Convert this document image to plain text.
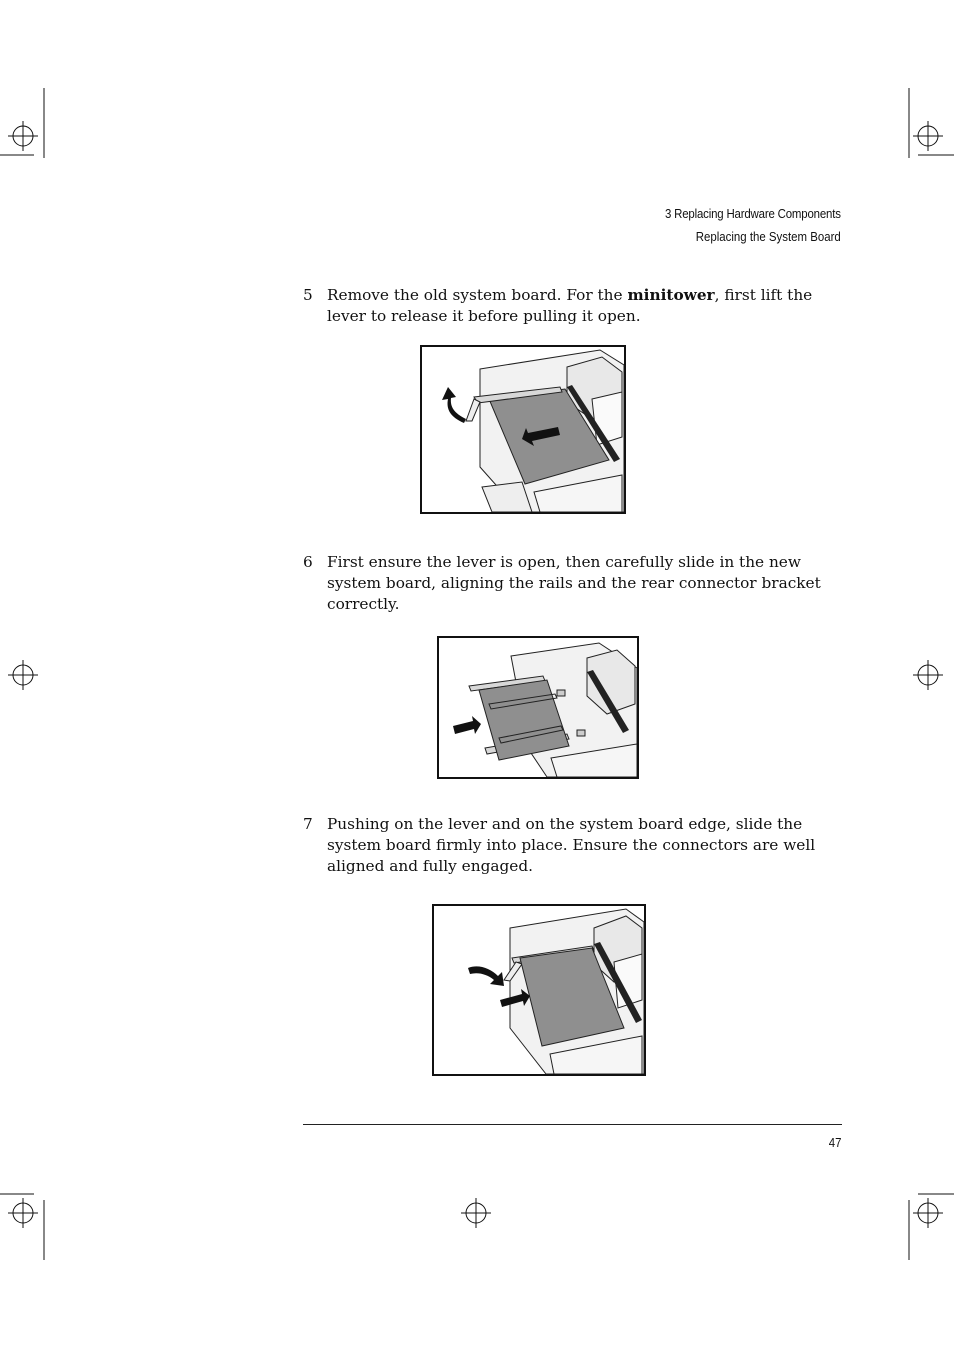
3 Replacing Hardware Components
Replacing the System Board
5 Remove the old system board. For the minitower, first lift the lever to release it before pulling it open.
6 First ensure the lever is open, then carefully slide in the new system board, aligning the rails and the rear connector bracket correctly.
7 Pushing on the lever and on the system board edge, slide the system board firmly into place. Ensure the connectors are well aligned and fully engaged.
47
